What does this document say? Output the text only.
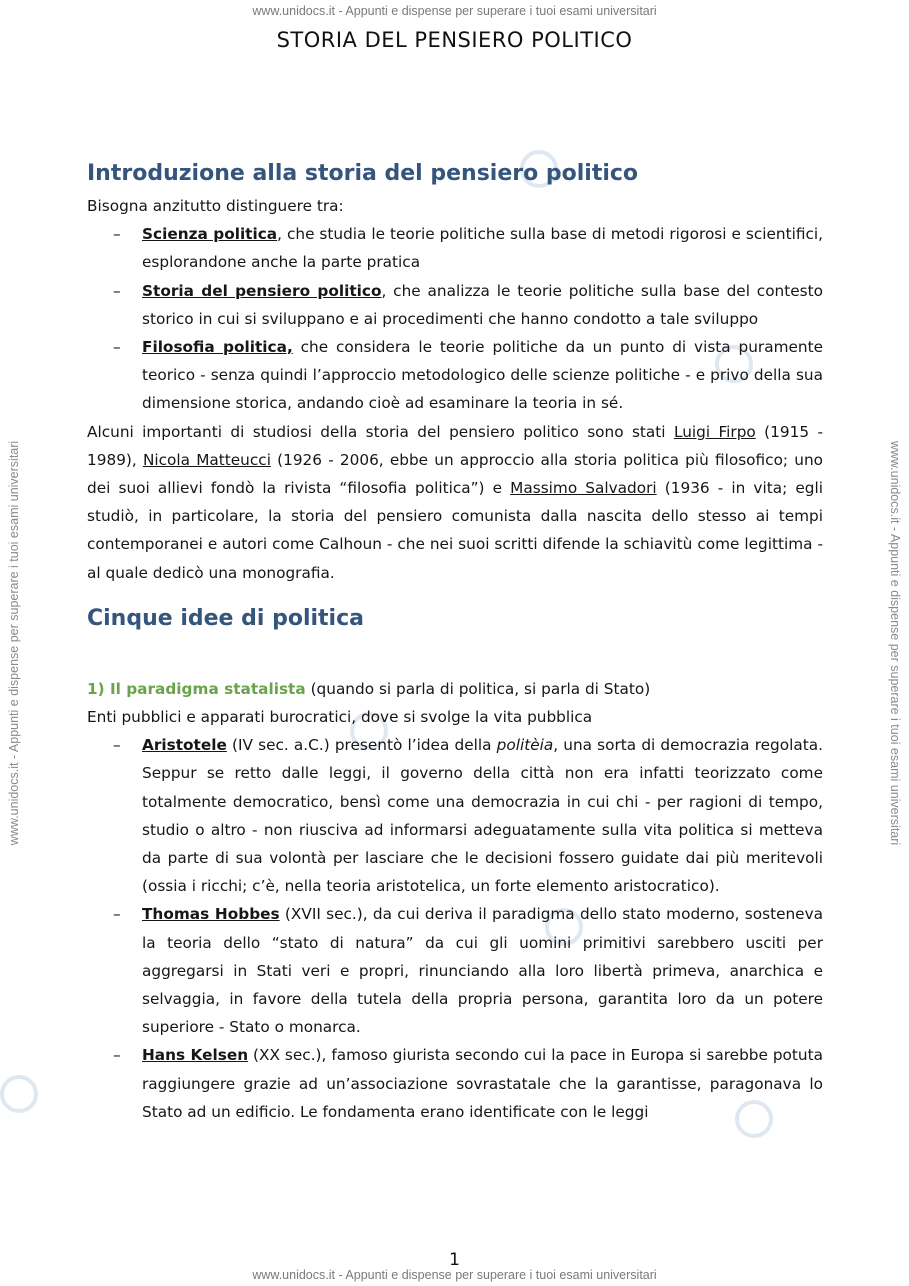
www.unidocs.it - Appunti e dispense per superare i tuoi esami universitari
www.unidocs.it - Appunti e dispense per superare i tuoi esami universitari
www.unidocs.it - Appunti e dispense per superare i tuoi esami universitari	www.unidocs.it - Appunti e dispense per superare i tuoi esami universitari
STORIA DEL PENSIERO POLITICO
Introduzione alla storia del pensiero politico

Bisogna anzitutto distinguere tra:

– Scienza politica, che studia le teorie politiche sulla base di metodi rigorosi e scientifici, esplorandone anche la parte pratica
– Storia del pensiero politico, che analizza le teorie politiche sulla base del contesto storico in cui si sviluppano e ai procedimenti che hanno condotto a tale sviluppo
– Filosofia politica, che considera le teorie politiche da un punto di vista puramente teorico - senza quindi l’approccio metodologico delle scienze politiche - e privo della sua dimensione storica, andando cioè ad esaminare la teoria in sé.

Alcuni importanti di studiosi della storia del pensiero politico sono stati Luigi Firpo (1915 - 1989), Nicola Matteucci (1926 - 2006, ebbe un approccio alla storia politica più filosofico; uno dei suoi allievi fondò la rivista “filosofia politica”) e Massimo Salvadori (1936 - in vita; egli studiò, in particolare, la storia del pensiero comunista dalla nascita dello stesso ai tempi contemporanei e autori come Calhoun - che nei suoi scritti difende la schiavitù come legittima - al quale dedicò una monografia.

Cinque idee di politica

1) Il paradigma statalista (quando si parla di politica, si parla di Stato)

Enti pubblici e apparati burocratici, dove si svolge la vita pubblica

– Aristotele (IV sec. a.C.) presentò l’idea della politèia, una sorta di democrazia regolata. Seppur se retto dalle leggi, il governo della città non era infatti teorizzato come totalmente democratico, bensì come una democrazia in cui chi - per ragioni di tempo, studio o altro - non riusciva ad informarsi adeguatamente sulla vita politica si metteva da parte di sua volontà per lasciare che le decisioni fossero guidate dai più meritevoli (ossia i ricchi; c’è, nella teoria aristotelica, un forte elemento aristocratico).
– Thomas Hobbes (XVII sec.), da cui deriva il paradigma dello stato moderno, sosteneva la teoria dello “stato di natura” da cui gli uomini primitivi sarebbero usciti per aggregarsi in Stati veri e propri, rinunciando alla loro libertà primeva, anarchica e selvaggia, in favore della tutela della propria persona, garantita loro da un potere superiore - Stato o monarca.
– Hans Kelsen (XX sec.), famoso giurista secondo cui la pace in Europa si sarebbe potuta raggiungere grazie ad un’associazione sovrastatale che la garantisse, paragonava lo Stato ad un edificio. Le fondamenta erano identificate con le leggi
1
